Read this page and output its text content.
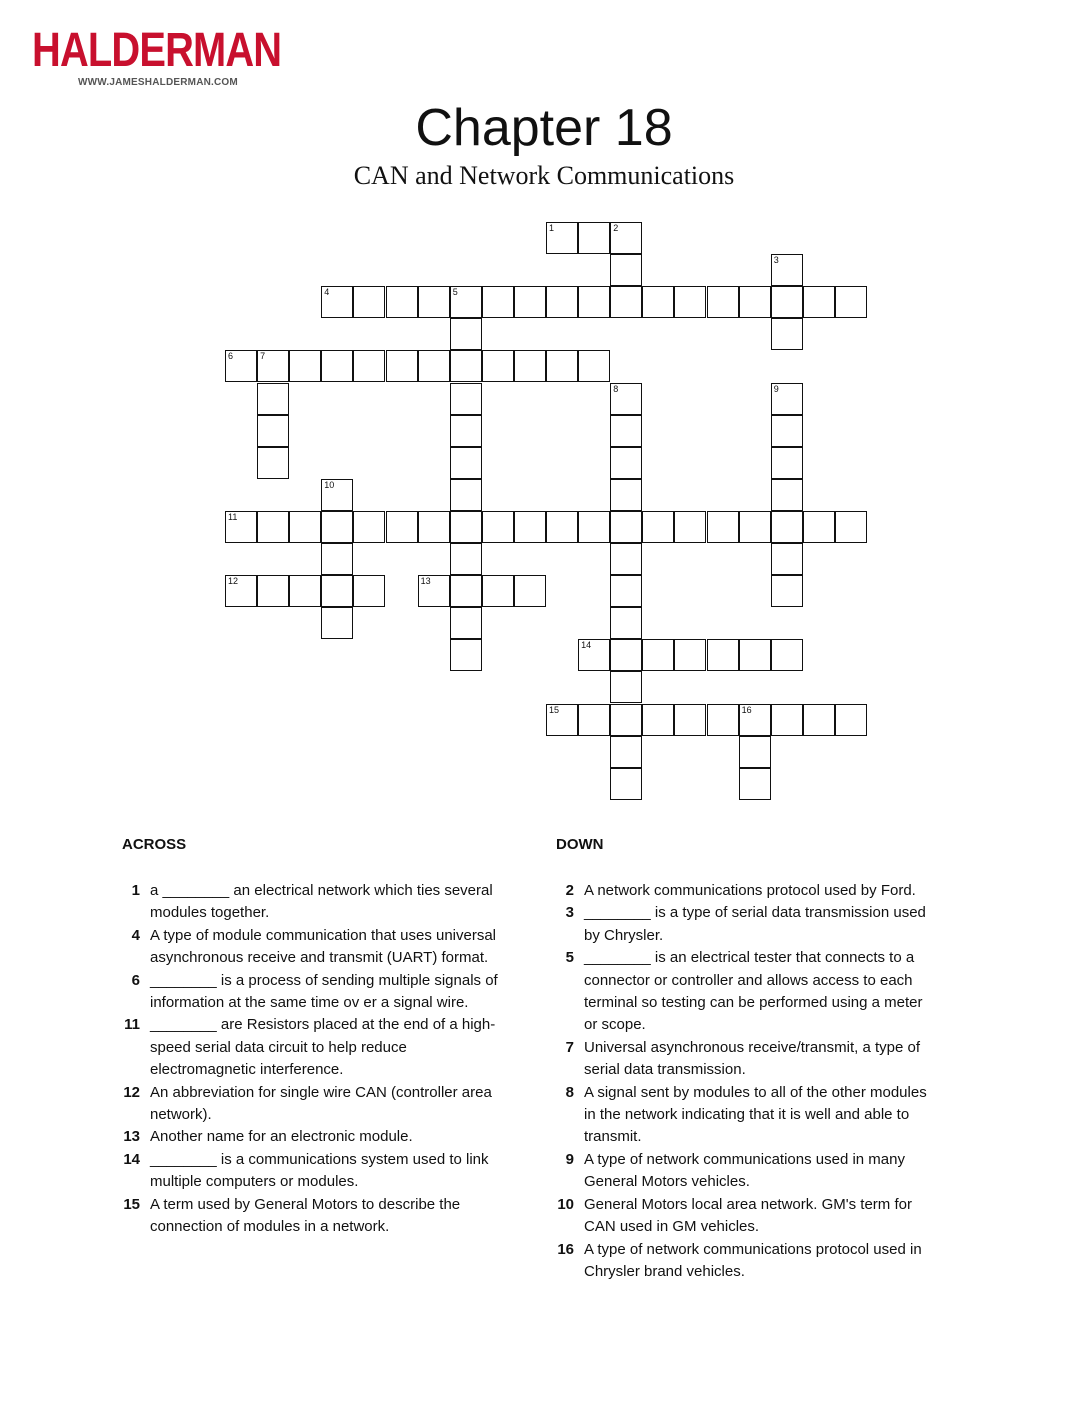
HALDERMAN
WWW.JAMESHALDERMAN.COM
Chapter 18
CAN and Network Communications
1	2
3
4	5
6	7
8	9
10
11
12	13
14
15	16
ACROSS	DOWN
1 a ________ an electrical network which ties several modules together.
4 A type of module communication that uses universal asynchronous receive and transmit (UART) format.
6 ________ is a process of sending multiple signals of information at the same time ov er a signal wire.
11 ________ are Resistors placed at the end of a high-speed serial data circuit to help reduce electromagnetic interference.
12 An abbreviation for single wire CAN (controller area network).
13 Another name for an electronic module.
14 ________ is a communications system used to link multiple computers or modules.
15 A term used by General Motors to describe the connection of modules in a network.
2 A network communications protocol used by Ford.
3 ________ is a type of serial data transmission used by Chrysler.
5 ________ is an electrical tester that connects to a connector or controller and allows access to each terminal so testing can be performed using a meter or scope.
7 Universal asynchronous receive/transmit, a type of serial data transmission.
8 A signal sent by modules to all of the other modules in the network indicating that it is well and able to transmit.
9 A type of network communications used in many General Motors vehicles.
10 General Motors local area network. GM's term for CAN used in GM vehicles.
16 A type of network communications protocol used in Chrysler brand vehicles.
